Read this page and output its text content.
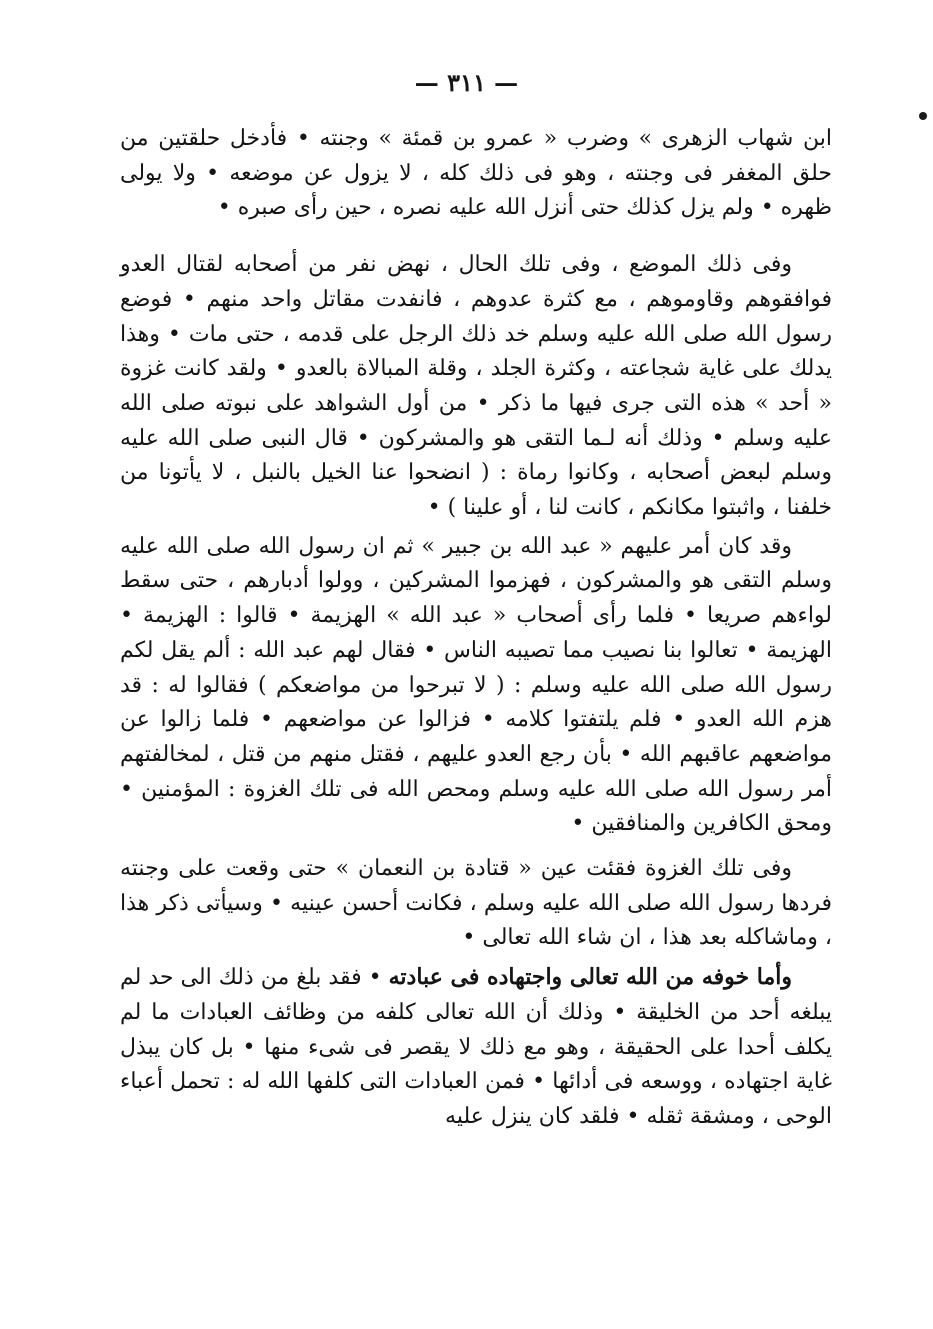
— ٣١١ —

ابن شهاب الزهرى » وضرب « عمرو بن قمئة » وجنته • فأدخل حلقتين من حلق المغفر فى وجنته ، وهو فى ذلك كله ، لا يزول عن موضعه • ولا يولى ظهره • ولم يزل كذلك حتى أنزل الله عليه نصره ، حين رأى صبره •

وفى ذلك الموضع ، وفى تلك الحال ، نهض نفر من أصحابه لقتال العدو فوافقوهم وقاوموهم ، مع كثرة عدوهم ، فانفدت مقاتل واحد منهم • فوضع رسول الله صلى الله عليه وسلم خد ذلك الرجل على قدمه ، حتى مات • وهذا يدلك على غاية شجاعته ، وكثرة الجلد ، وقلة المبالاة بالعدو • ولقد كانت غزوة « أحد » هذه التى جرى فيها ما ذكر • من أول الشواهد على نبوته صلى الله عليه وسلم • وذلك أنه لـما التقى هو والمشركون • قال النبى صلى الله عليه وسلم لبعض أصحابه ، وكانوا رماة : ( انضحوا عنا الخيل بالنبل ، لا يأتونا من خلفنا ، واثبتوا مكانكم ، كانت لنا ، أو علينا ) •

وقد كان أمر عليهم « عبد الله بن جبير » ثم ان رسول الله صلى الله عليه وسلم التقى هو والمشركون ، فهزموا المشركين ، وولوا أدبارهم ، حتى سقط لواءهم صريعا • فلما رأى أصحاب « عبد الله » الهزيمة • قالوا : الهزيمة • الهزيمة • تعالوا بنا نصيب مما تصيبه الناس • فقال لهم عبد الله : ألم يقل لكم رسول الله صلى الله عليه وسلم : ( لا تبرحوا من مواضعكم ) فقالوا له : قد هزم الله العدو • فلم يلتفتوا كلامه • فزالوا عن مواضعهم • فلما زالوا عن مواضعهم عاقبهم الله • بأن رجع العدو عليهم ، فقتل منهم من قتل ، لمخالفتهم أمر رسول الله صلى الله عليه وسلم ومحص الله فى تلك الغزوة : المؤمنين • ومحق الكافرين والمنافقين •

وفى تلك الغزوة فقئت عين « قتادة بن النعمان » حتى وقعت على وجنته فردها رسول الله صلى الله عليه وسلم ، فكانت أحسن عينيه • وسيأتى ذكر هذا ، وماشاكله بعد هذا ، ان شاء الله تعالى •

وأما خوفه من الله تعالى واجتهاده فى عبادته • فقد بلغ من ذلك الى حد لم يبلغه أحد من الخليقة • وذلك أن الله تعالى كلفه من وظائف العبادات ما لم يكلف أحدا على الحقيقة ، وهو مع ذلك لا يقصر فى شىء منها • بل كان يبذل غاية اجتهاده ، ووسعه فى أدائها • فمن العبادات التى كلفها الله له : تحمل أعباء الوحى ، ومشقة ثقله • فلقد كان ينزل عليه
